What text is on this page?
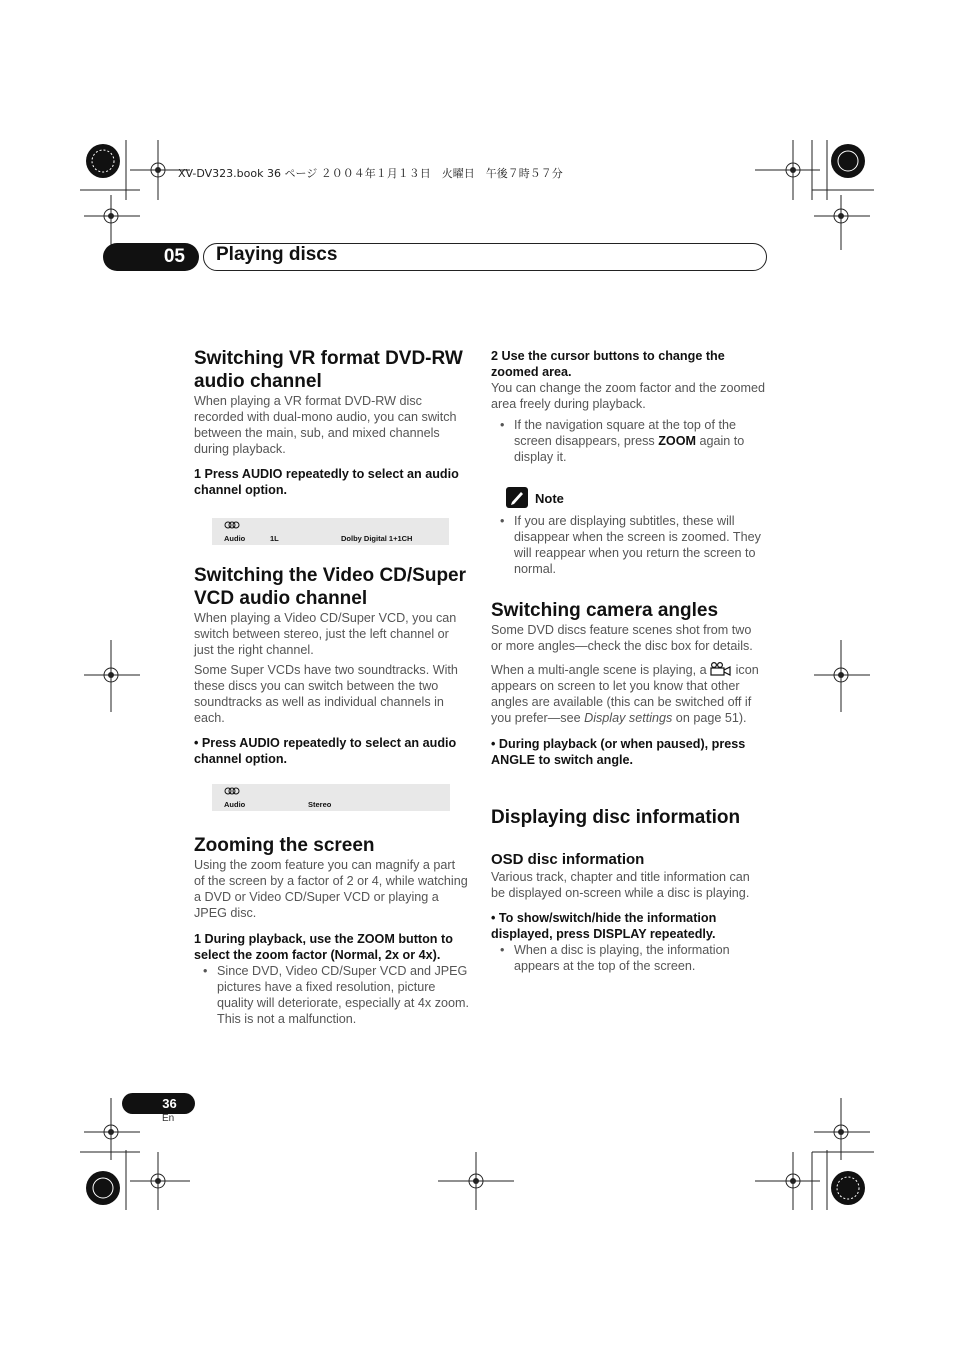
XV-DV323.book 36 ページ ２００４年１月１３日　火曜日　午後７時５７分
05	Playing discs
Switching VR format DVD-RW audio channel

When playing a VR format DVD-RW disc recorded with dual-mono audio, you can switch between the main, sub, and mixed channels during playback.

1 Press AUDIO repeatedly to select an audio channel option.

Audio	1L	Dolby Digital 1+1CH
Switching the Video CD/Super VCD audio channel

When playing a Video CD/Super VCD, you can switch between stereo, just the left channel or just the right channel.

Some Super VCDs have two soundtracks. With these discs you can switch between the two soundtracks as well as individual channels in each.

• Press AUDIO repeatedly to select an audio channel option.

Audio	Stereo
Zooming the screen

Using the zoom feature you can magnify a part of the screen by a factor of 2 or 4, while watching a DVD or Video CD/Super VCD or playing a JPEG disc.

1 During playback, use the ZOOM button to select the zoom factor (Normal, 2x or 4x).

• Since DVD, Video CD/Super VCD and JPEG pictures have a fixed resolution, picture quality will deteriorate, especially at 4x zoom. This is not a malfunction.

2 Use the cursor buttons to change the zoomed area.

You can change the zoom factor and the zoomed area freely during playback.

• If the navigation square at the top of the screen disappears, press ZOOM again to display it.

Note

• If you are displaying subtitles, these will disappear when the screen is zoomed. They will reappear when you return the screen to normal.

Switching camera angles

Some DVD discs feature scenes shot from two or more angles—check the disc box for details.

When a multi-angle scene is playing, a icon appears on screen to let you know that other angles are available (this can be switched off if you prefer—see Display settings on page 51).

• During playback (or when paused), press ANGLE to switch angle.

Displaying disc information
OSD disc information

Various track, chapter and title information can be displayed on-screen while a disc is playing.

• To show/switch/hide the information displayed, press DISPLAY repeatedly.

• When a disc is playing, the information appears at the top of the screen.

36
En
